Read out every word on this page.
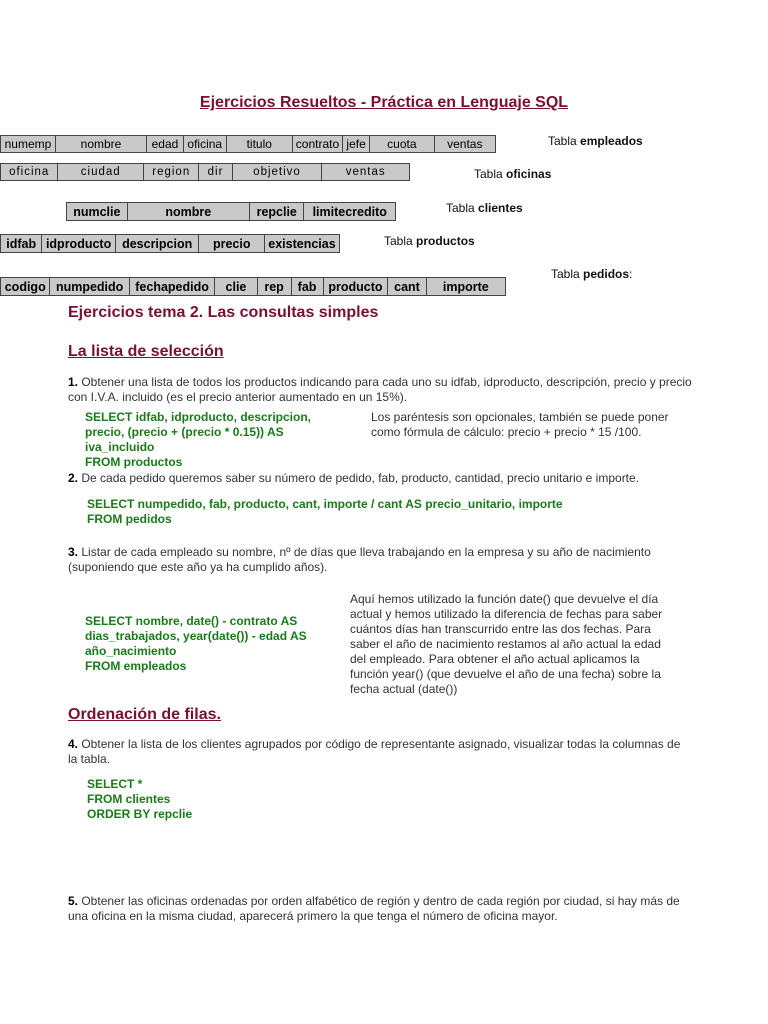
Ejercicios Resueltos - Práctica en Lenguaje SQL
numemp	nombre	edad	oficina	titulo	contrato	jefe	cuota	ventas	Tabla empleados
oficina	ciudad	region	dir	objetivo	ventas	Tabla oficinas
numclie	nombre	repclie	limitecredito	Tabla clientes
idfab	idproducto	descripcion	precio	existencias	Tabla productos
codigo	numpedido	fechapedido	clie	rep	fab	producto	cant	importe
Tabla pedidos:
Ejercicios tema 2. Las consultas simples
La lista de selección
1. Obtener una lista de todos los productos indicando para cada uno su idfab, idproducto, descripción, precio y precio con I.V.A. incluido (es el precio anterior aumentado en un 15%).
SELECT idfab, idproducto, descripcion,
precio, (precio + (precio * 0.15)) AS
iva_incluido
FROM productos
Los paréntesis son opcionales, también se puede poner como fórmula de cálculo: precio + precio * 15 /100.
2. De cada pedido queremos saber su número de pedido, fab, producto, cantidad, precio unitario e importe.
SELECT numpedido, fab, producto, cant, importe / cant AS precio_unitario, importe
FROM pedidos
3. Listar de cada empleado su nombre, nº de días que lleva trabajando en la empresa y su año de nacimiento (suponiendo que este año ya ha cumplido años).
SELECT nombre, date() - contrato AS
dias_trabajados, year(date()) - edad AS
año_nacimiento
FROM empleados
Aquí hemos utilizado la función date() que devuelve el día actual y hemos utilizado la diferencia de fechas para saber cuántos días han transcurrido entre las dos fechas. Para saber el año de nacimiento restamos al año actual la edad del empleado. Para obtener el año actual aplicamos la función year() (que devuelve el año de una fecha) sobre la fecha actual (date())
Ordenación de filas.
4. Obtener la lista de los clientes agrupados por código de representante asignado, visualizar todas la columnas de la tabla.
SELECT *
FROM clientes
ORDER BY repclie
5. Obtener las oficinas ordenadas por orden alfabético de región y dentro de cada región por ciudad, si hay más de una oficina en la misma ciudad, aparecerá primero la que tenga el número de oficina mayor.
